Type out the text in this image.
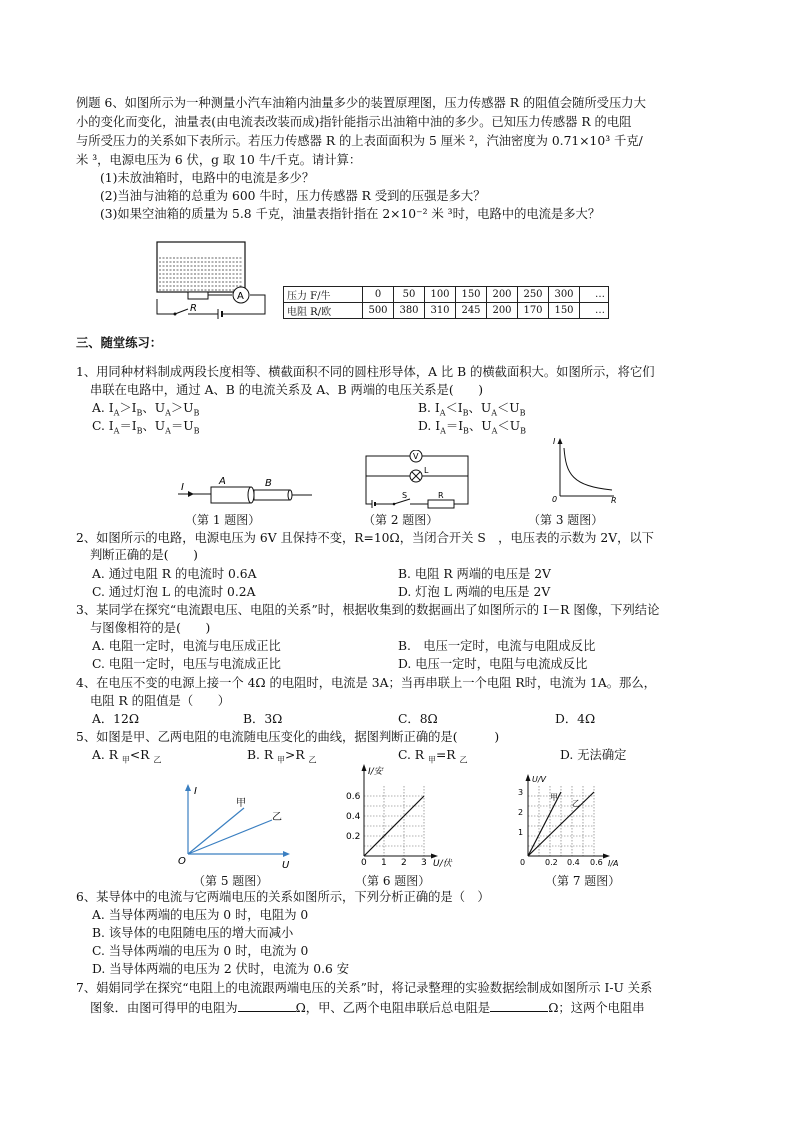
例题 6、如图所示为一种测量小汽车油箱内油量多少的装置原理图，压力传感器 R 的阻值会随所受压力大
小的变化而变化，油量表(由电流表改装而成)指针能指示出油箱中油的多少。已知压力传感器 R 的电阻
与所受压力的关系如下表所示。若压力传感器 R 的上表面面积为 5 厘米 ²，汽油密度为 0.71×10³ 千克/
米 ³，电源电压为 6 伏，g 取 10 牛/千克。请计算：
(1)未放油箱时，电路中的电流是多少？
(2)当油与油箱的总重为 600 牛时，压力传感器 R 受到的压强是多大？
(3)如果空油箱的质量为 5.8 千克，油量表指针指在 2×10⁻² 米 ³时，电路中的电流是多大？
A
R
压力 F/牛	0	50	100	150	200	250	300	…
电阻 R/欧	500	380	310	245	200	170	150	…
三、随堂练习：
1、用同种材料制成两段长度相等、横截面积不同的圆柱形导体，A 比 B 的横截面积大。如图所示，将它们
串联在电路中，通过 A、B 的电流关系及 A、B 两端的电压关系是(　　)
A. $I_A>I_B$、$U_A>U_B$	B. $I_A<I_B$、$U_A<U_B$
C. $I_A=I_B$、$U_A=U_B$	D. $I_A=I_B$、$U_A<U_B$
I
A	B
V
L
S	R
I
R
0
（第 1 题图）	（第 2 题图）	（第 3 题图）
2、如图所示的电路，电源电压为 6V 且保持不变，R=10Ω，当闭合开关 S　，电压表的示数为 2V，以下
判断正确的是(　　)
A. 通过电阻 R 的电流时 0.6A	B. 电阻 R 两端的电压是 2V
C. 通过灯泡 L 的电流时 0.2A	D. 灯泡 L 两端的电压是 2V
3、某同学在探究“电流跟电压、电阻的关系”时，根据收集到的数据画出了如图所示的 I－R 图像，下列结论
与图像相符的是(　　)
A. 电阻一定时，电流与电压成正比	B.　电压一定时，电流与电阻成反比
C. 电阻一定时，电压与电流成正比	D. 电压一定时，电阻与电流成反比
4、在电压不变的电源上接一个 4Ω 的电阻时，电流是 3A；当再串联上一个电阻 R时，电流为 1A。那么，
电阻 R 的阻值是（　　）
A．12Ω	B．3Ω	C．8Ω	D．4Ω
5、如图是甲、乙两电阻的电流随电压变化的曲线，据图判断正确的是(　　　)
A. R $_甲$<R $_乙$	B. R $_甲$>R $_乙$	C. R $_甲$=R $_乙$	D. 无法确定
I
U
O
甲
乙
I/安
U/伏
0.6
0.4
0.2
0 1 2 3
U/V
I/A
3
2
1
0 0.2 0.4 0.6
甲
乙
（第 5 题图）	（第 6 题图）	（第 7 题图）
6、某导体中的电流与它两端电压的关系如图所示，下列分析正确的是（　）
A. 当导体两端的电压为 0 时，电阻为 0
B. 该导体的电阻随电压的增大而减小
C. 当导体两端的电压为 0 时，电流为 0
D. 当导体两端的电压为 2 伏时，电流为 0.6 安
7、娟娟同学在探究“电阻上的电流跟两端电压的关系”时，将记录整理的实验数据绘制成如图所示 I-U 关系
图象．由图可得甲的电阻为	Ω，甲、乙两个电阻串联后总电阻是	Ω；这两个电阻串
